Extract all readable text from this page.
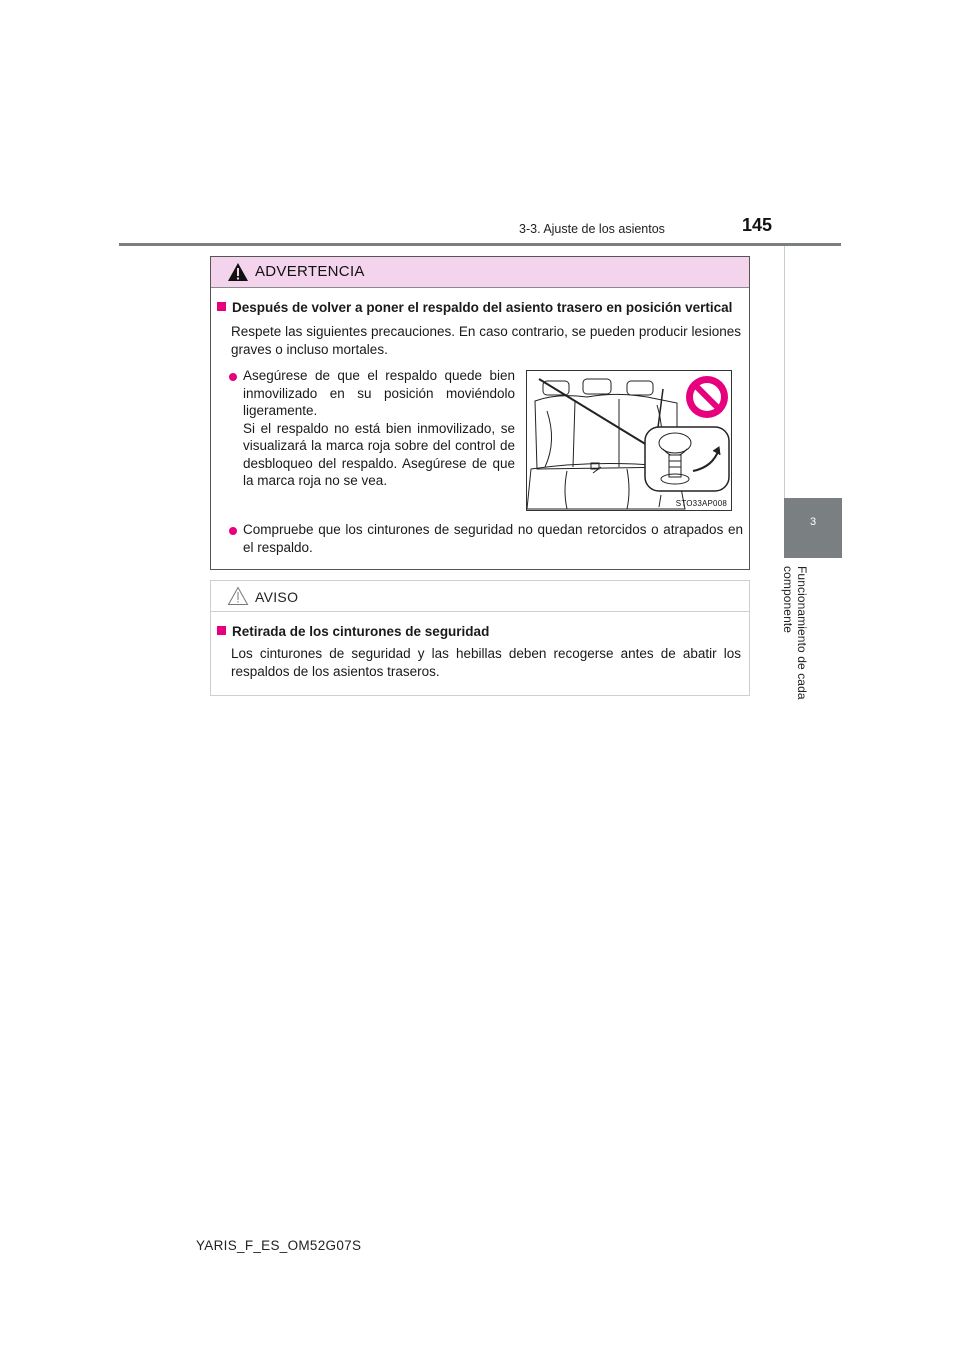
3-3. Ajuste de los asientos	145
3
Funcionamiento de cada componente
ADVERTENCIA
Después de volver a poner el respaldo del asiento trasero en posición vertical
Respete las siguientes precauciones. En caso contrario, se pueden producir lesiones graves o incluso mortales.
Asegúrese de que el respaldo quede bien
inmovilizado en su posición moviéndolo
ligeramente.
Si el respaldo no está bien inmovilizado, se
visualizará la marca roja sobre del control de
desbloqueo del respaldo. Asegúrese de que
la marca roja no se vea.
Compruebe que los cinturones de seguridad no quedan retorcidos o atrapados en el respaldo.
STO33AP008
AVISO
Retirada de los cinturones de seguridad
Los cinturones de seguridad y las hebillas deben recogerse antes de abatir los respaldos de los asientos traseros.
YARIS_F_ES_OM52G07S
